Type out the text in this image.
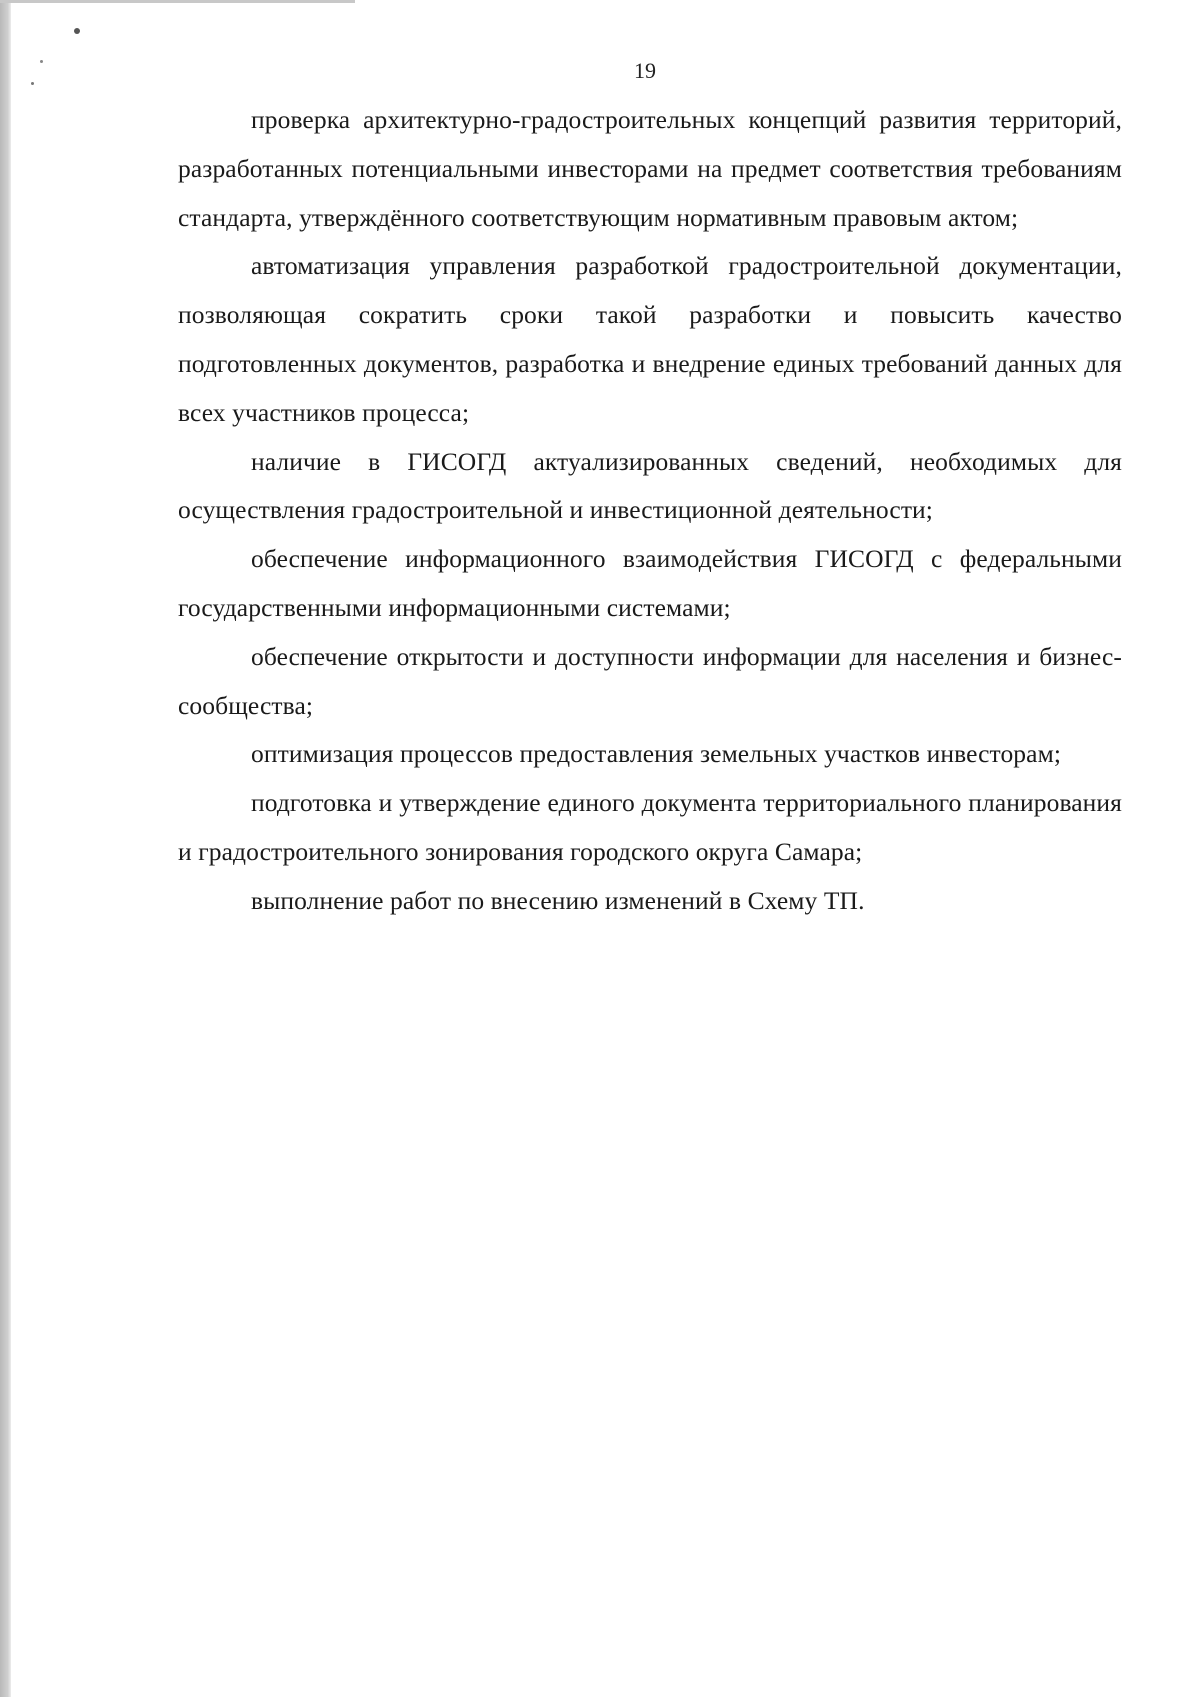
19

проверка архитектурно-градостроительных концепций развития территорий, разработанных потенциальными инвесторами на предмет соответствия требованиям стандарта, утверждённого соответствующим нормативным правовым актом;

автоматизация управления разработкой градостроительной документации, позволяющая сократить сроки такой разработки и повысить качество подготовленных документов, разработка и внедрение единых требований данных для всех участников процесса;

наличие в ГИСОГД актуализированных сведений, необходимых для осуществления градостроительной и инвестиционной деятельности;

обеспечение информационного взаимодействия ГИСОГД с федеральными государственными информационными системами;

обеспечение открытости и доступности информации для населения и бизнес-сообщества;

оптимизация процессов предоставления земельных участков инвесторам;

подготовка и утверждение единого документа территориального планирования и градостроительного зонирования городского округа Самара;

выполнение работ по внесению изменений в Схему ТП.
